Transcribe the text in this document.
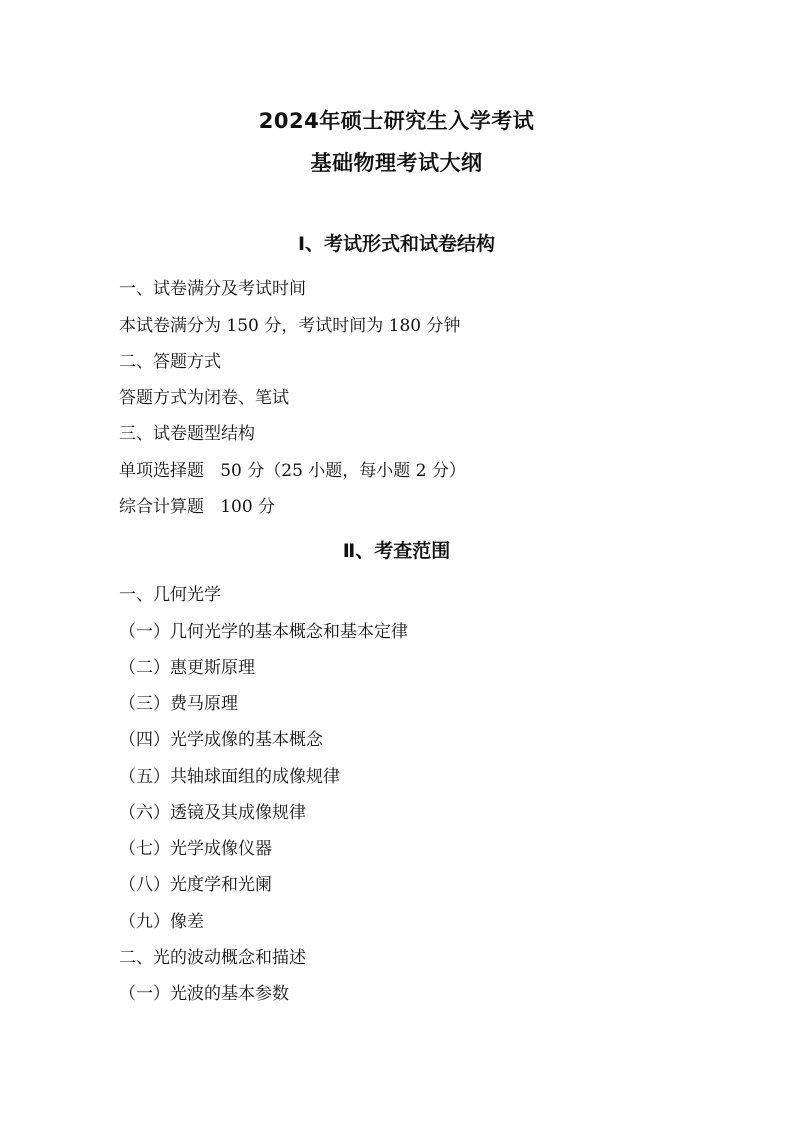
2024年硕士研究生入学考试
基础物理考试大纲
Ⅰ、考试形式和试卷结构
一、试卷满分及考试时间
本试卷满分为 150 分，考试时间为 180 分钟
二、答题方式
答题方式为闭卷、笔试
三、试卷题型结构
单项选择题   50 分（25 小题，每小题 2 分）
综合计算题   100 分
Ⅱ、考查范围
一、几何光学
（一）几何光学的基本概念和基本定律
（二）惠更斯原理
（三）费马原理
（四）光学成像的基本概念
（五）共轴球面组的成像规律
（六）透镜及其成像规律
（七）光学成像仪器
（八）光度学和光阑
（九）像差
二、光的波动概念和描述
（一）光波的基本参数
